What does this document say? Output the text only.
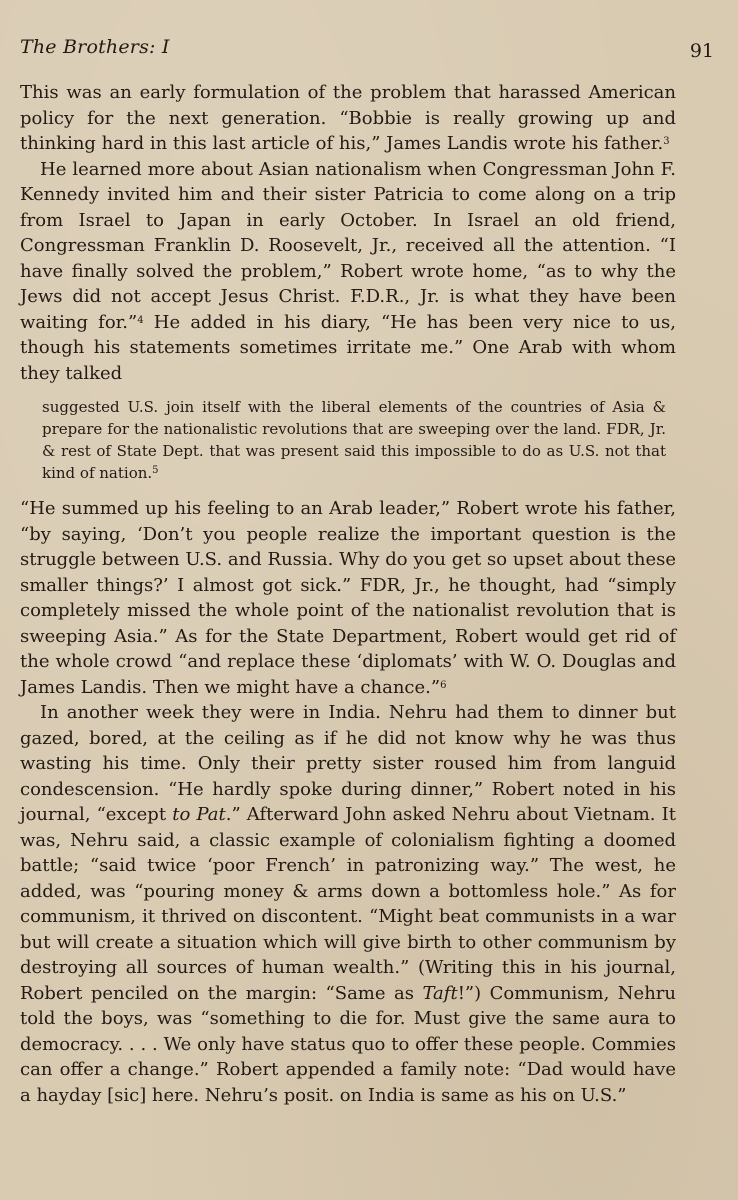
The Brothers: I	91

This was an early formulation of the problem that harassed American policy for the next generation. “Bobbie is really growing up and thinking hard in this last article of his,” James Landis wrote his father.$^3$

He learned more about Asian nationalism when Congressman John F. Kennedy invited him and their sister Patricia to come along on a trip from Israel to Japan in early October. In Israel an old friend, Congressman Franklin D. Roosevelt, Jr., received all the attention. “I have finally solved the problem,” Robert wrote home, “as to why the Jews did not accept Jesus Christ. F.D.R., Jr. is what they have been waiting for.”$^4$ He added in his diary, “He has been very nice to us, though his statements sometimes irritate me.” One Arab with whom they talked

suggested U.S. join itself with the liberal elements of the countries of Asia & prepare for the nationalistic revolutions that are sweeping over the land. FDR, Jr. & rest of State Dept. that was present said this impossible to do as U.S. not that kind of nation.$^5$

“He summed up his feeling to an Arab leader,” Robert wrote his father, “by saying, ‘Don’t you people realize the important question is the struggle between U.S. and Russia. Why do you get so upset about these smaller things?’ I almost got sick.” FDR, Jr., he thought, had “simply completely missed the whole point of the nationalist revolution that is sweeping Asia.” As for the State Department, Robert would get rid of the whole crowd “and replace these ‘diplomats’ with W. O. Douglas and James Landis. Then we might have a chance.”$^6$

In another week they were in India. Nehru had them to dinner but gazed, bored, at the ceiling as if he did not know why he was thus wasting his time. Only their pretty sister roused him from languid condescension. “He hardly spoke during dinner,” Robert noted in his journal, “except to Pat.” Afterward John asked Nehru about Vietnam. It was, Nehru said, a classic example of colonialism fighting a doomed battle; “said twice ‘poor French’ in patronizing way.” The west, he added, was “pouring money & arms down a bottomless hole.” As for communism, it thrived on discontent. “Might beat communists in a war but will create a situation which will give birth to other communism by destroying all sources of human wealth.” (Writing this in his journal, Robert penciled on the margin: “Same as Taft!”) Communism, Nehru told the boys, was “something to die for. Must give the same aura to democracy. . . . We only have status quo to offer these people. Commies can offer a change.” Robert appended a family note: “Dad would have a hayday [sic] here. Nehru’s posit. on India is same as his on U.S.”
